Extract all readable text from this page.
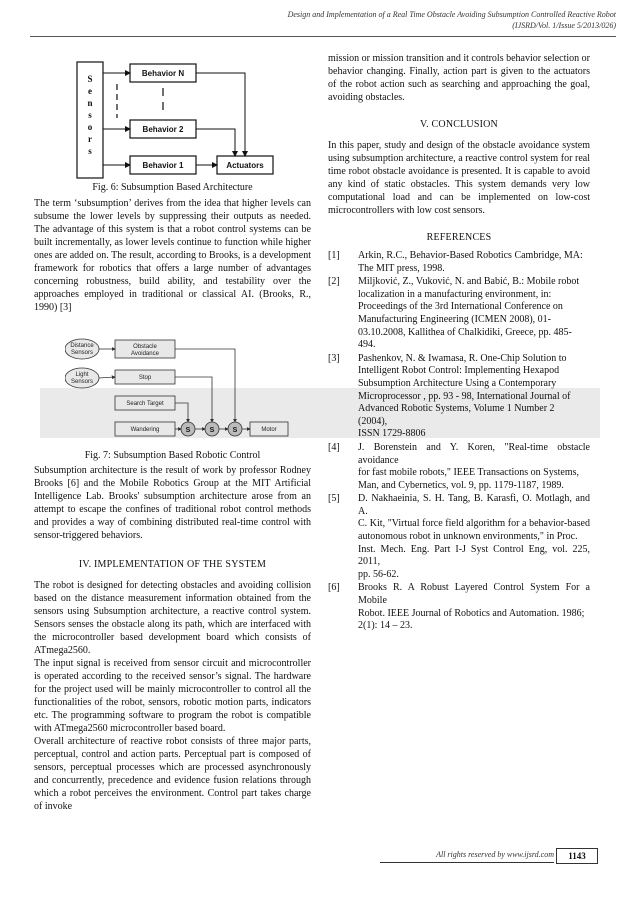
Design and Implementation of a Real Time Obstacle Avoiding Subsumption Controlled Reactive Robot
(IJSRD/Vol. 1/Issue 5/2013/026)
S
e
n
s
o
r
s
Behavior N
Behavior 2
Behavior 1	Actuators
Fig. 6: Subsumption Based Architecture

The term ‘subsumption’ derives from the idea that higher levels can subsume the lower levels by suppressing their outputs as needed. The advantage of this system is that a robot control systems can be built incrementally, as lower levels continue to function while higher ones are added on. The result, according to Brooks, is a development framework for robotics that offers a large number of advantages concerning robustness, build ability, and testability over the approaches employed in traditional or classical AI. (Brooks, R., 1990) [3]

Distance
Sensors
Light
Sensors
Obstacle
Avoidance
Stop
Search Target
Wandering	Motor
S	S	S
Fig. 7: Subsumption Based Robotic Control

Subsumption architecture is the result of work by professor Rodney Brooks [6] and the Mobile Robotics Group at the MIT Artificial Intelligence Lab. Brooks' subsumption architecture arose from an attempt to escape the confines of traditional robot control methods and provides a way of combining distributed real-time control with sensor-triggered behaviors.

IV. IMPLEMENTATION OF THE SYSTEM

The robot is designed for detecting obstacles and avoiding collision based on the distance measurement information obtained from the sensors using Subsumption architecture, a reactive control system. Sensors senses the obstacle along its path, which are interfaced with the microcontroller based development board which consists of ATmega2560.

The input signal is received from sensor circuit and microcontroller is operated according to the received sensor’s signal. The hardware for the project used will be mainly microcontroller to control all the functionalities of the robot, sensors, robotic motion parts, indicators etc. The programming software to program the robot is compatible with ATmega2560 microcontroller based board.

Overall architecture of reactive robot consists of three major parts, perceptual, control and action parts. Perceptual part is composed of sensors, perceptual processes which are processed asynchronously and concurrently, precedence and evidence fusion relations through which a robot perceives the environment. Control part takes charge of invoke

mission or mission transition and it controls behavior selection or behavior changing. Finally, action part is given to the actuators of the robot action such as searching and approaching the goal, avoiding obstacles.

V. CONCLUSION

In this paper, study and design of the obstacle avoidance system using subsumption architecture, a reactive control system for real time robot obstacle avoidance is presented. It is capable to avoid any kind of static obstacles. This system demands very low computational load and can be implemented on low-cost microcontrollers with low cost sensors.

REFERENCES
[1]	Arkin, R.C., Behavior-Based Robotics Cambridge, MA:
The MIT press, 1998.
[2]	Miljković, Z., Vuković, N. and Babić, B.: Mobile robot
localization in a manufacturing environment, in:
Proceedings of the 3rd International Conference on
Manufacturing Engineering (ICMEN 2008), 01-
03.10.2008, Kallithea of Chalkidiki, Greece, pp. 485-
494.
[3]	Pashenkov, N. & Iwamasa, R. One-Chip Solution to
Intelligent Robot Control: Implementing Hexapod
Subsumption Architecture Using a Contemporary
Microprocessor , pp. 93 - 98, International Journal of
Advanced Robotic Systems, Volume 1 Number 2
(2004),
ISSN 1729-8806
[4]	J. Borenstein and Y. Koren, "Real-time obstacle avoidance
for fast mobile robots," IEEE Transactions on Systems,
Man, and Cybernetics, vol. 9, pp. 1179-1187, 1989.
[5]	D. Nakhaeinia, S. H. Tang, B. Karasfi, O. Motlagh, and A.
C. Kit, "Virtual force field algorithm for a behavior-based autonomous robot in unknown environments," in Proc.
Inst. Mech. Eng. Part I-J Syst Control Eng, vol. 225, 2011,
pp. 56-62.
[6]	Brooks R. A Robust Layered Control System For a Mobile
Robot. IEEE Journal of Robotics and Automation. 1986;
2(1): 14 – 23.
All rights reserved by www.ijsrd.com	1143
